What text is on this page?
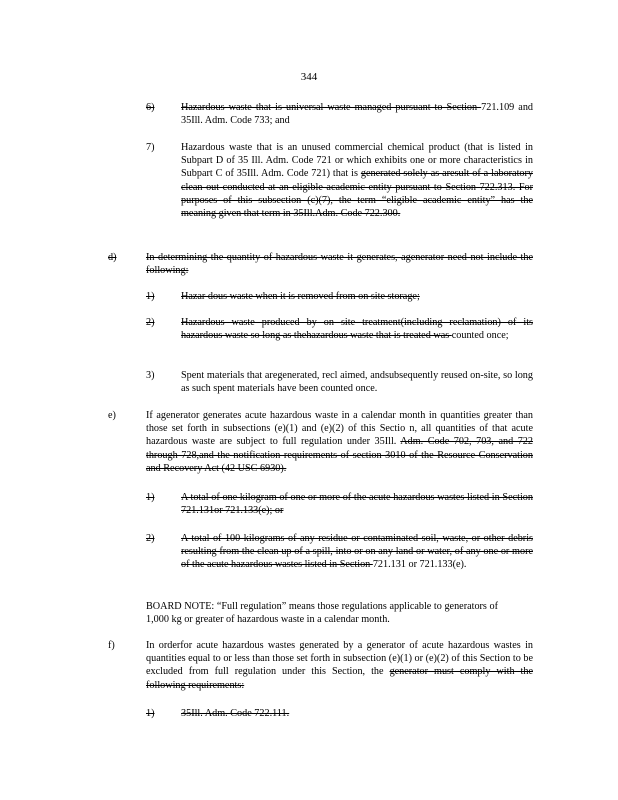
344
6)	Hazardous waste that is universal waste managed pursuant to Section 721.109 and 35Ill. Adm. Code 733; and
7)	Hazardous waste that is an unused commercial chemical product (that is listed in Subpart D of 35 Ill. Adm. Code 721 or which exhibits one or more characteristics in Subpart C of 35Ill. Adm. Code 721) that is generated solely as aresult of a laboratory clean out conducted at an eligible academic entity pursuant to Section 722.313. For purposes of this subsection (c)(7), the term “eligible academic entity” has the meaning given that term in 35Ill.Adm. Code 722.300.
d)	In determining the quantity of hazardous waste it generates, agenerator need not include the following:
1)	Hazar dous waste when it is removed from on site storage;
2)	Hazardous waste produced by on site treatment(including reclamation) of its hazardous waste so long as thehazardous waste that is treated was counted once;
3)	Spent materials that aregenerated, recl aimed, andsubsequently reused on-site, so long as such spent materials have been counted once.
e)	If agenerator generates acute hazardous waste in a calendar month in quantities greater than those set forth in subsections (e)(1) and (e)(2) of this Sectio n, all quantities of that acute hazardous waste are subject to full regulation under 35Ill. Adm. Code 702, 703, and 722 through 728,and the notification requirements of section 3010 of the Resource Conservation and Recovery Act (42 USC 6930).
1)	A total of one kilogram of one or more of the acute hazardous wastes listed in Section 721.131or 721.133(e); or
2)	A total of 100 kilograms of any residue or contaminated soil, waste, or other debris resulting from the clean up of a spill, into or on any land or water, of any one or more of the acute hazardous wastes listed in Section 721.131 or 721.133(e).
BOARD NOTE: “Full regulation” means those regulations applicable to generators of 1,000 kg or greater of hazardous waste in a calendar month.
f)	In orderfor acute hazardous wastes generated by a generator of acute hazardous wastes in quantities equal to or less than those set forth in subsection (e)(1) or (e)(2) of this Section to be excluded from full regulation under this Section, the generator must comply with the following requirements:
1)	35Ill. Adm. Code 722.111.
